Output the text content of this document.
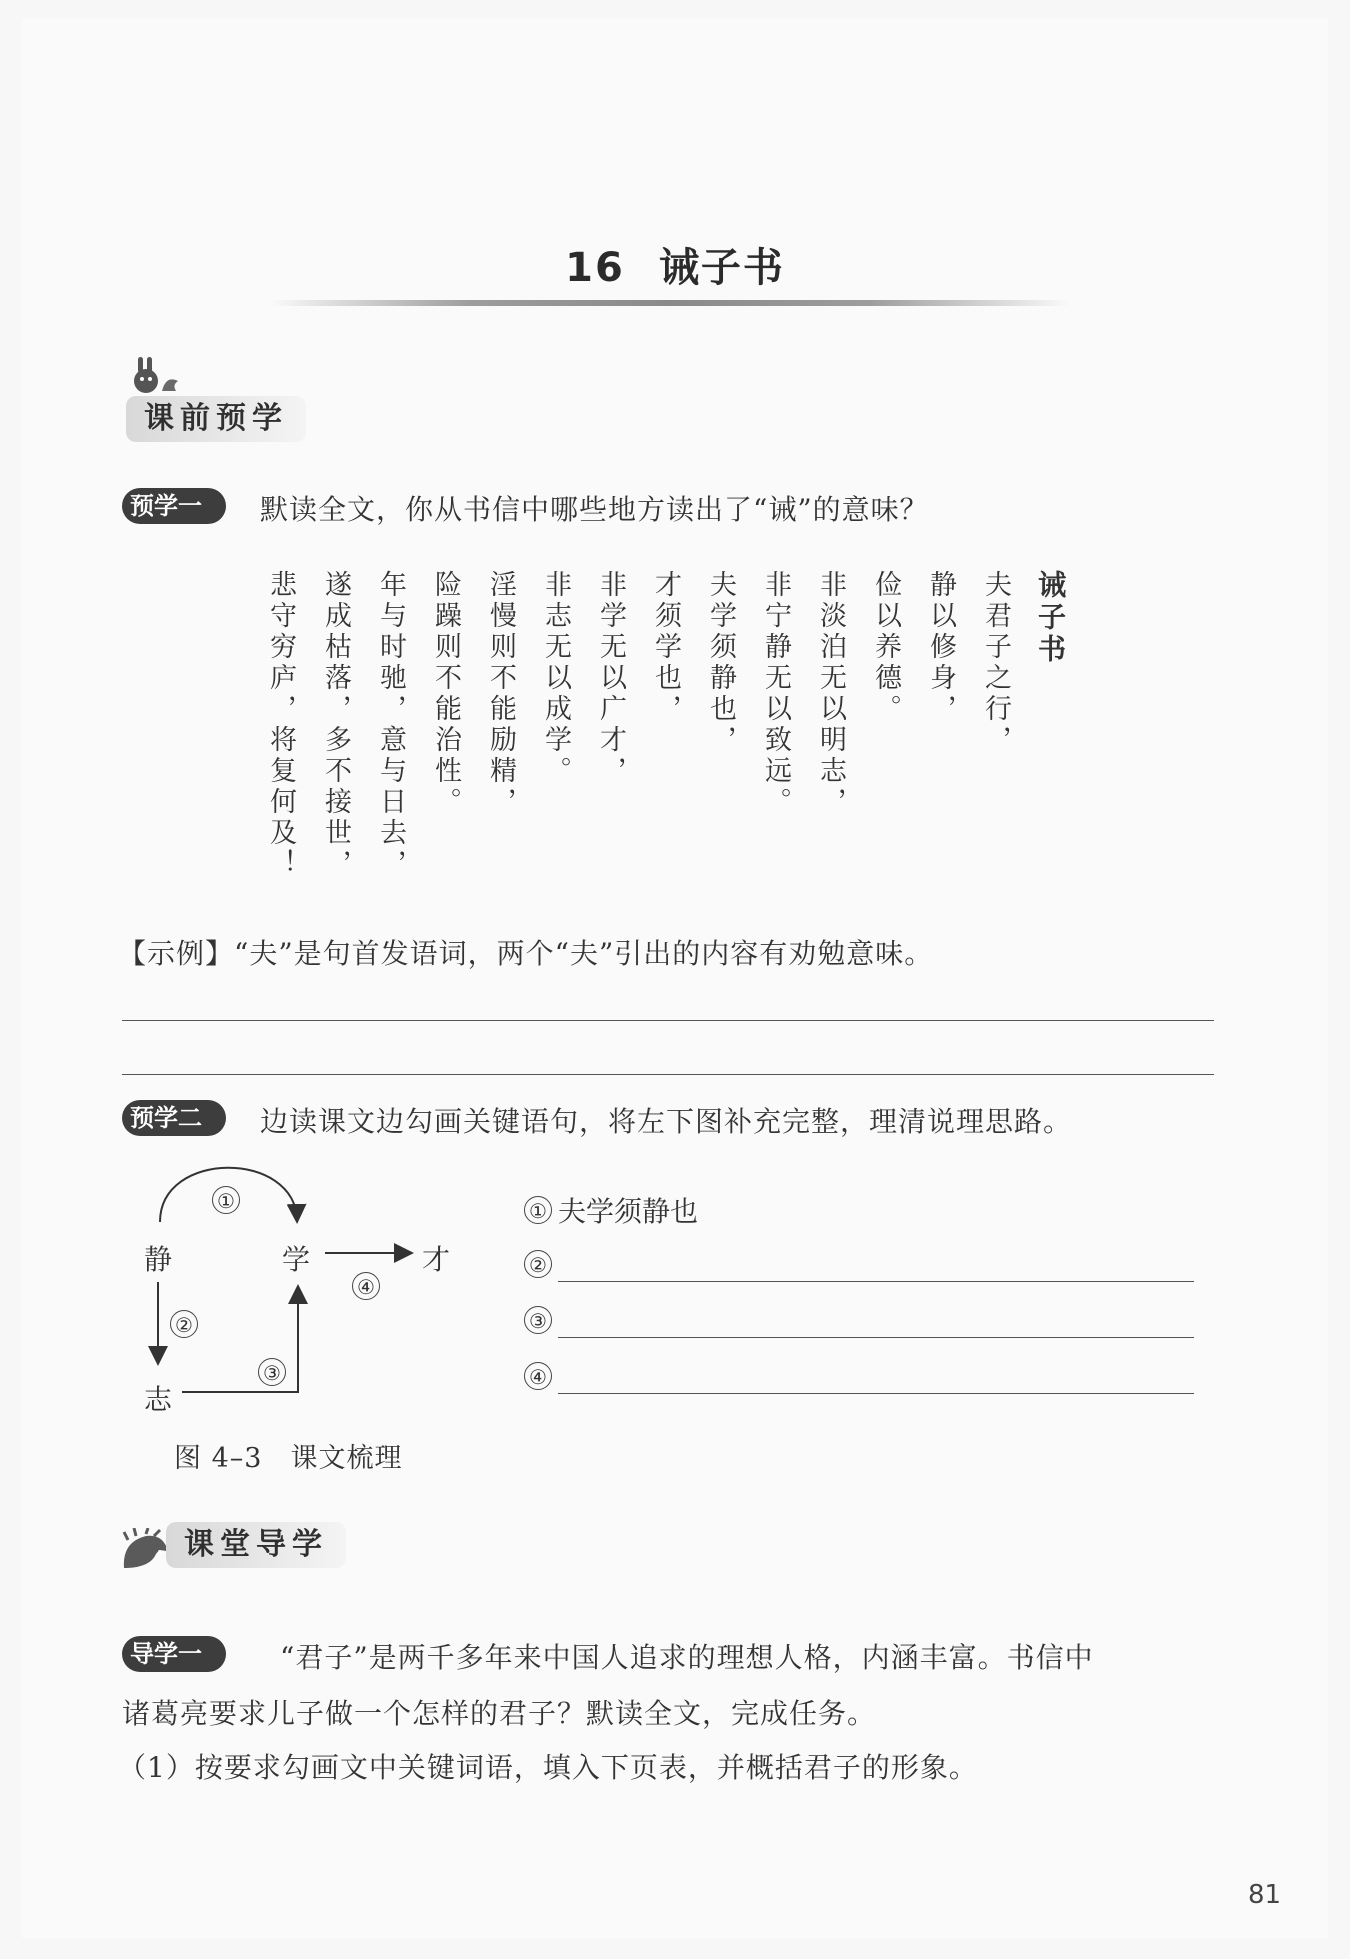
16 诫子书
课前预学
预学一	默读全文，你从书信中哪些地方读出了“诫”的意味？
诫子书
夫君子之行，
静以修身，
俭以养德。
非淡泊无以明志，
非宁静无以致远。
夫学须静也，
才须学也，
非学无以广才，
非志无以成学。
淫慢则不能励精，
险躁则不能治性。
年与时驰，意与日去，
遂成枯落，多不接世，
悲守穷庐，将复何及！
【示例】“夫”是句首发语词，两个“夫”引出的内容有劝勉意味。
预学二	边读课文边勾画关键语句，将左下图补充完整，理清说理思路。
静	学	才
志
①
②
③
④
图 4–3　课文梳理
① 夫学须静也
②
③
④
课堂导学
导学一	“君子”是两千多年来中国人追求的理想人格，内涵丰富。书信中
诸葛亮要求儿子做一个怎样的君子？默读全文，完成任务。
（1）按要求勾画文中关键词语，填入下页表，并概括君子的形象。
81
